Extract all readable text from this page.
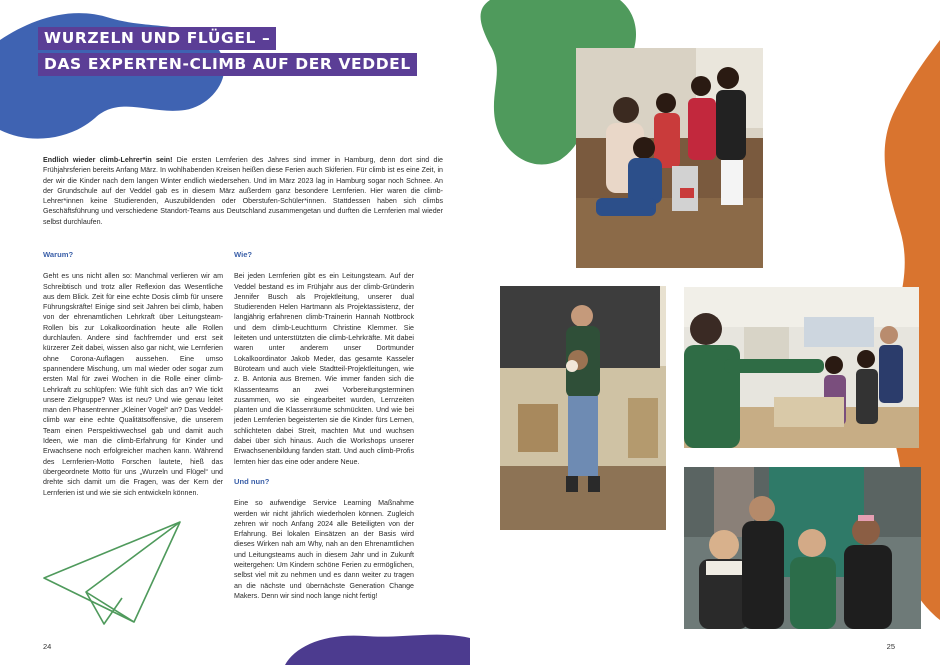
WURZELN UND FLÜGEL –
DAS EXPERTEN-CLIMB AUF DER VEDDEL
Endlich wieder climb-Lehrer*in sein! Die ersten Lernferien des Jahres sind immer in Hamburg, denn dort sind die Frühjahrsferien bereits Anfang März. In wohlhabenden Kreisen heißen diese Ferien auch Skiferien. Für climb ist es eine Zeit, in der wir die Kinder nach dem langen Winter endlich wiedersehen. Und im März 2023 lag in Hamburg sogar noch Schnee. An der Grundschule auf der Veddel gab es in diesem März außerdem ganz besondere Lernferien. Hier waren die climb-Lehrer*innen keine Studierenden, Auszubildenden oder Oberstufen-Schüler*innen. Stattdessen haben sich climbs Geschäftsführung und verschiedene Standort-Teams aus Deutschland zusammengetan und durften die Lernferien mal wieder selbst durchlaufen.
Warum?

Geht es uns nicht allen so: Manchmal verlieren wir am Schreibtisch und trotz aller Reflexion das Wesentliche aus dem Blick. Zeit für eine echte Dosis climb für unsere Führungskräfte! Einige sind seit Jahren bei climb, haben von der ehrenamtlichen Lehrkraft über Leitungsteam-Rollen bis zur Lokalkoordination heute alle Rollen durchlaufen. Andere sind fachfremder und erst seit kürzerer Zeit dabei, wissen also gar nicht, wie Lernferien ohne Corona-Auflagen aussehen. Eine umso spannendere Mischung, um mal wieder oder sogar zum ersten Mal für zwei Wochen in die Rolle einer climb-Lehrkraft zu schlüpfen: Wie fühlt sich das an? Wie tickt unsere Zielgruppe? Was ist neu? Und wie genau leitet man den Phasentrenner „Kleiner Vogel“ an? Das Veddel-climb war eine echte Qualitätsoffensive, die unserem Team einen Perspektivwechsel gab und damit auch Ideen, wie man die climb-Erfahrung für Kinder und Erwachsene noch erfolgreicher machen kann. Während des Lernferien-Motto Forschen lautete, hieß das übergeordnete Motto für uns „Wurzeln und Flügel“ und drehte sich damit um die Fragen, was der Kern der Lernferien ist und wie sie sich entwickeln können.

Wie?

Bei jeden Lernferien gibt es ein Leitungsteam. Auf der Veddel bestand es im Frühjahr aus der climb-Gründerin Jennifer Busch als Projektleitung, unserer dual Studierenden Helen Hartmann als Projektassistenz, der langjährig erfahrenen climb-Trainerin Hannah Nottbrock und dem climb-Leuchtturm Christine Klemmer. Sie leiteten und unterstützten die climb-Lehrkräfte. Mit dabei waren unter anderem unser Dortmunder Lokalkoordinator Jakob Meder, das gesamte Kasseler Büroteam und auch viele Stadtteil-Projektleitungen, wie z. B. Antonia aus Bremen. Wie immer fanden sich die Klassenteams an zwei Vorbereitungsterminen zusammen, wo sie eingearbeitet wurden, Lernzeiten planten und die Klassenräume schmückten. Und wie bei jeden Lernferien begeisterten sie die Kinder fürs Lernen, schlichteten dabei Streit, machten Mut und wuchsen dabei über sich hinaus. Auch die Workshops unserer Erwachsenenbildung fanden statt. Und auch climb-Profis lernten hier das eine oder andere Neue.

Und nun?

Eine so aufwendige Service Learning Maßnahme werden wir nicht jährlich wiederholen können. Zugleich zehren wir noch Anfang 2024 alle Beteiligten von der Erfahrung. Bei lokalen Einsätzen an der Basis wird dieses Wirken nah am Why, nah an den Ehrenamtlichen und Leitungsteams auch in diesem Jahr und in Zukunft weitergehen: Um Kindern schöne Ferien zu ermöglichen, selbst viel mit zu nehmen und es dann weiter zu tragen an die nächste und übernächste Generation Change Makers. Denn wir sind noch lange nicht fertig!

24	25
